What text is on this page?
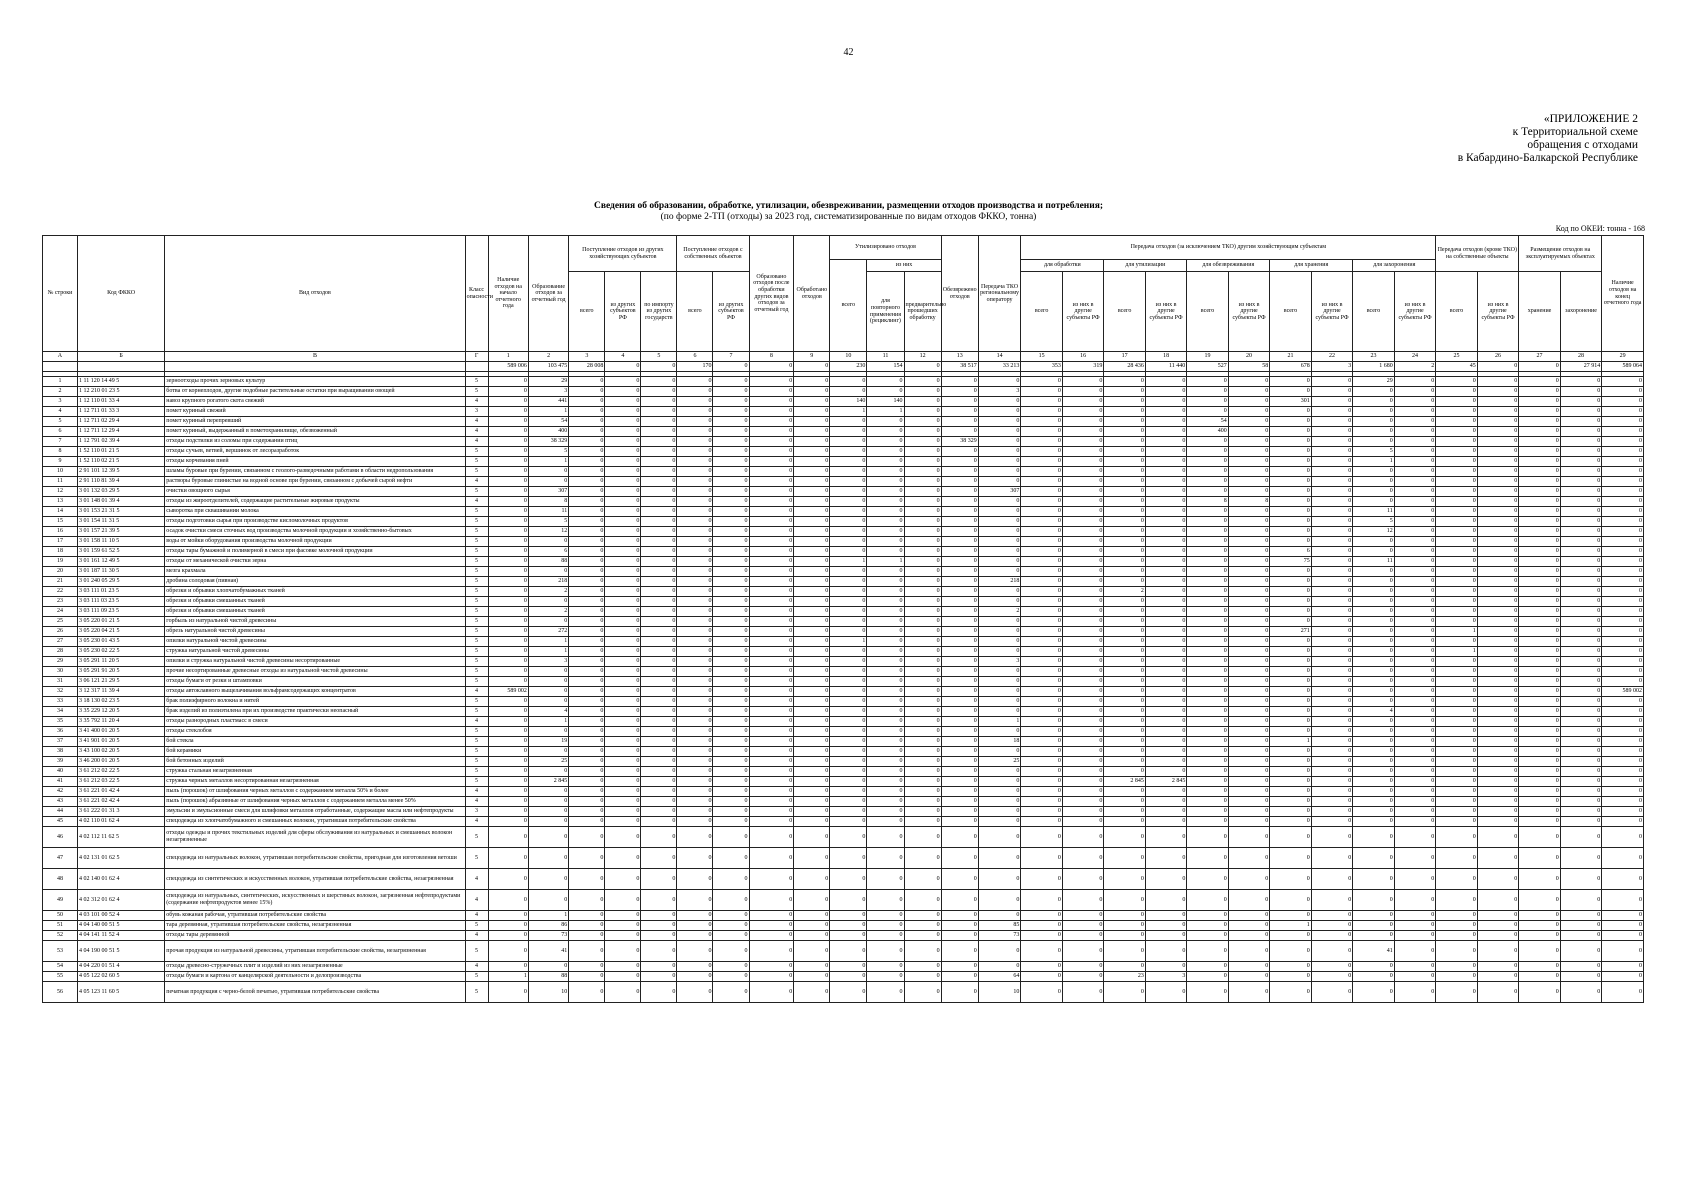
42
«ПРИЛОЖЕНИЕ 2
к Территориальной схеме
обращения с отходами
в Кабардино-Балкарской Республике
Сведения об образовании, обработке, утилизации, обезвреживании, размещении отходов производства и потребления;
(по форме 2-ТП (отходы) за 2023 год, систематизированные по видам отходов ФККО, тонна)
Код по ОКЕИ: тонна - 168
№ строки	Код ФККО	Вид отходов	Класс опасности	Наличие отходов на начало отчетного года	Образование отходов за отчетный год	Поступление отходов из других хозяйствующих субъектов			Поступление отходов с собственных объектов		Образовано отходов после обработки других видов отходов за отчетный год	Обработано отходов	Утилизировано отходов			Обезврежено отходов	Передача ТКО региональному оператору	Передача отходов (за исключением ТКО) другим хозяйствующим субъектам										Передача отходов (кроме ТКО) на собственные объекты		Размещение отходов на эксплуатируемых объектах		Наличие отходов на конец отчетного года
													всего	из них				для обработки		для утилизации		для обезвреживания		для хранения		для захоронения						
						всего	из других субъектов РФ	по импорту из других государств	всего	из других субъектов РФ				для повторного применения (рециклинг)	предварительно прошедших обработку			всего	из них в другие субъекты РФ	всего	из них в другие субъекты РФ	всего	из них в другие субъекты РФ	всего	из них в другие субъекты РФ	всего	из них в другие субъекты РФ	всего	из них в другие субъекты РФ	хранение	захоронение	
А	Б	В	Г	1	2	3	4	5	6	7	8	9	10	11	12	13	14	15	16	17	18	19	20	21	22	23	24	25	26	27	28	29
				589 006	103 475	28 008	0	0	170	0	0	0	230	154	0	38 517	33 213	353	319	28 436	11 440	527	58	678	3	1 680	2	45	0	0	27 914	589 064

1	1 11 120 14 49 5	зерноотходы прочих зерновых культур	5	0	29	0	0	0	0	0	0	0	0	0	0	0	0	0	0	0	0	0	0	0	0	29	0	0	0	0	0	0
2	1 12 210 01 23 5	ботва от корнеплодов, другие подобные растительные остатки при выращивании овощей	5	0	3	0	0	0	0	0	0	0	0	0	0	0	3	0	0	0	0	0	0	0	0	0	0	0	0	0	0	0
3	1 12 110 01 33 4	навоз крупного рогатого скота свежий	4	0	441	0	0	0	0	0	0	0	140	140	0	0	0	0	0	0	0	0	0	301	0	0	0	0	0	0	0	0
4	1 12 711 01 33 3	помет куриный свежий	3	0	1	0	0	0	0	0	0	0	1	1	0	0	0	0	0	0	0	0	0	0	0	0	0	0	0	0	0	0
5	1 12 711 02 29 4	помет куриный перепревший	4	0	54	0	0	0	0	0	0	0	0	0	0	0	0	0	0	0	0	54	0	0	0	0	0	0	0	0	0	0
6	1 12 711 12 29 4	помет куриный, выдержанный в пометохранилище, обезвоженный	4	0	400	0	0	0	0	0	0	0	0	0	0	0	0	0	0	0	0	400	0	0	0	0	0	0	0	0	0	0
7	1 12 791 02 39 4	отходы подстилки из соломы при содержании птиц	4	0	38 329	0	0	0	0	0	0	0	0	0	0	38 329	0	0	0	0	0	0	0	0	0	0	0	0	0	0	0	0
8	1 52 110 01 21 5	отходы сучьев, ветвей, вершинок от лесоразработок	5	0	5	0	0	0	0	0	0	0	0	0	0	0	0	0	0	0	0	0	0	0	0	5	0	0	0	0	0	0
9	1 52 110 02 21 5	отходы корчевания пней	5	0	1	0	0	0	0	0	0	0	0	0	0	0	0	0	0	0	0	0	0	0	0	1	0	0	0	0	0	0
10	2 91 101 12 39 5	шламы буровые при бурении, связанном с геолого-разведочными работами в области недропользования	5	0	0	0	0	0	0	0	0	0	0	0	0	0	0	0	0	0	0	0	0	0	0	0	0	0	0	0	0	0
11	2 91 110 81 39 4	растворы буровые глинистые на водной основе при бурении, связанном с добычей сырой нефти	4	0	0	0	0	0	0	0	0	0	0	0	0	0	0	0	0	0	0	0	0	0	0	0	0	0	0	0	0	0
12	3 01 132 03 29 5	очистки овощного сырья	5	0	307	0	0	0	0	0	0	0	0	0	0	0	307	0	0	0	0	0	0	0	0	0	0	0	0	0	0	0
13	3 01 148 01 39 4	отходы из жироотделителей, содержащие растительные жировые продукты	4	0	8	0	0	0	0	0	0	0	0	0	0	0	0	0	0	0	0	8	8	0	0	0	0	0	0	0	0	0
14	3 01 153 21 31 5	сыворотка при сквашивании молока	5	0	11	0	0	0	0	0	0	0	0	0	0	0	0	0	0	0	0	0	0	0	0	11	0	0	0	0	0	0
15	3 01 154 11 31 5	отходы подготовки сырья при производстве кисломолочных продуктов	5	0	5	0	0	0	0	0	0	0	0	0	0	0	0	0	0	0	0	0	0	0	0	5	0	0	0	0	0	0
16	3 01 157 21 39 5	осадок очистки смеси сточных вод производства молочной продукции и хозяйственно-бытовых	5	0	12	0	0	0	0	0	0	0	0	0	0	0	0	0	0	0	0	0	0	0	0	12	0	0	0	0	0	0
17	3 01 158 11 10 5	воды от мойки оборудования производства молочной продукции	5	0	0	0	0	0	0	0	0	0	0	0	0	0	0	0	0	0	0	0	0	0	0	0	0	0	0	0	0	0
18	3 01 159 61 52 5	отходы тары бумажной и полимерной в смеси при фасовке молочной продукции	5	0	6	0	0	0	0	0	0	0	0	0	0	0	0	0	0	0	0	0	0	6	0	0	0	0	0	0	0	0
19	3 01 161 12 49 5	отходы от механической очистки зерна	5	0	88	0	0	0	0	0	0	0	1	1	0	0	0	0	0	0	0	0	0	75	0	11	0	0	0	0	0	0
20	3 01 187 11 30 5	мезга крахмала	5	0	0	0	0	0	0	0	0	0	0	0	0	0	0	0	0	0	0	0	0	0	0	0	0	0	0	0	0	0
21	3 01 240 05 29 5	дробина солодовая (пивная)	5	0	218	0	0	0	0	0	0	0	0	0	0	0	218	0	0	0	0	0	0	0	0	0	0	0	0	0	0	0
22	3 03 111 01 23 5	обрезки и обрывки хлопчатобумажных тканей	5	0	2	0	0	0	0	0	0	0	0	0	0	0	0	0	0	2	0	0	0	0	0	0	0	0	0	0	0	0
23	3 03 111 03 23 5	обрезки и обрывки смешанных тканей	5	0	0	0	0	0	0	0	0	0	0	0	0	0	0	0	0	0	0	0	0	0	0	0	0	0	0	0	0	0
24	3 03 111 09 23 5	обрезки и обрывки смешанных тканей	5	0	2	0	0	0	0	0	0	0	0	0	0	0	2	0	0	0	0	0	0	0	0	0	0	0	0	0	0	0
25	3 05 220 01 21 5	горбыль из натуральной чистой древесины	5	0	0	0	0	0	0	0	0	0	0	0	0	0	0	0	0	0	0	0	0	0	0	0	0	0	0	0	0	0
26	3 05 220 04 21 5	обрезь натуральной чистой древесины	5	0	272	0	0	0	0	0	0	0	0	0	0	0	0	0	0	0	0	0	0	271	0	0	0	1	0	0	0	0
27	3 05 230 01 43 5	опилки натуральной чистой древесины	5	0	1	0	0	0	0	0	0	0	1	0	0	0	0	0	0	0	0	0	0	0	0	0	0	0	0	0	0	0
28	3 05 230 02 22 5	стружка натуральной чистой древесины	5	0	1	0	0	0	0	0	0	0	0	0	0	0	0	0	0	0	0	0	0	0	0	0	0	1	0	0	0	0
29	3 05 291 11 20 5	опилки и стружка натуральной чистой древесины несортированные	5	0	3	0	0	0	0	0	0	0	0	0	0	0	3	0	0	0	0	0	0	0	0	0	0	0	0	0	0	0
30	3 05 291 91 20 5	прочие несортированные древесные отходы из натуральной чистой древесины	5	0	0	0	0	0	0	0	0	0	0	0	0	0	0	0	0	0	0	0	0	0	0	0	0	0	0	0	0	0
31	3 06 121 21 29 5	отходы бумаги от резки и штамповки	5	0	0	0	0	0	0	0	0	0	0	0	0	0	0	0	0	0	0	0	0	0	0	0	0	0	0	0	0	0
32	3 12 317 11 39 4	отходы автоклавного выщелачивания вольфрамсодержащих концентратов	4	589 002	0	0	0	0	0	0	0	0	0	0	0	0	0	0	0	0	0	0	0	0	0	0	0	0	0	0	0	589 002
33	3 18 130 02 23 5	брак полиэфирного волокна и нитей	5	0	0	0	0	0	0	0	0	0	0	0	0	0	0	0	0	0	0	0	0	0	0	0	0	0	0	0	0	0
34	3 35 229 12 20 5	брак изделий из полиэтилена при их производстве практически неопасный	5	0	4	0	0	0	0	0	0	0	0	0	0	0	0	0	0	0	0	0	0	0	0	4	0	0	0	0	0	0
35	3 35 792 11 20 4	отходы разнородных пластмасс в смеси	4	0	1	0	0	0	0	0	0	0	0	0	0	0	1	0	0	0	0	0	0	0	0	0	0	0	0	0	0	0
36	3 41 400 01 20 5	отходы стеклобоя	5	0	0	0	0	0	0	0	0	0	0	0	0	0	0	0	0	0	0	0	0	0	0	0	0	0	0	0	0	0
37	3 41 901 01 20 5	бой стекла	5	0	19	0	0	0	0	0	0	0	0	0	0	0	18	0	0	0	0	0	0	1	0	0	0	0	0	0	0	0
38	3 43 100 02 20 5	бой керамики	5	0	0	0	0	0	0	0	0	0	0	0	0	0	0	0	0	0	0	0	0	0	0	0	0	0	0	0	0	0
39	3 46 200 01 20 5	бой бетонных изделий	5	0	25	0	0	0	0	0	0	0	0	0	0	0	25	0	0	0	0	0	0	0	0	0	0	0	0	0	0	0
40	3 61 212 02 22 5	стружка стальная незагрязненная	5	0	0	0	0	0	0	0	0	0	0	0	0	0	0	0	0	0	0	0	0	0	0	0	0	0	0	0	0	0
41	3 61 212 03 22 5	стружка черных металлов несортированная незагрязненная	5	0	2 845	0	0	0	0	0	0	0	0	0	0	0	0	0	0	2 845	2 845	0	0	0	0	0	0	0	0	0	0	0
42	3 61 221 01 42 4	пыль (порошок) от шлифования черных металлов с содержанием металла 50% и более	4	0	0	0	0	0	0	0	0	0	0	0	0	0	0	0	0	0	0	0	0	0	0	0	0	0	0	0	0	0
43	3 61 221 02 42 4	пыль (порошок) абразивные от шлифования черных металлов с содержанием металла менее 50%	4	0	0	0	0	0	0	0	0	0	0	0	0	0	0	0	0	0	0	0	0	0	0	0	0	0	0	0	0	0
44	3 61 222 01 31 3	эмульсии и эмульсионные смеси для шлифовки металлов отработанные, содержащие масла или нефтепродукты	3	0	0	0	0	0	0	0	0	0	0	0	0	0	0	0	0	0	0	0	0	0	0	0	0	0	0	0	0	0
45	4 02 110 01 62 4	спецодежда из хлопчатобумажного и смешанных волокон, утратившая потребительские свойства	4	0	0	0	0	0	0	0	0	0	0	0	0	0	0	0	0	0	0	0	0	0	0	0	0	0	0	0	0	0
46	4 02 112 11 62 5	отходы одежды и прочих текстильных изделий для сферы обслуживания из натуральных и смешанных волокон незагрязненные	5	0	0	0	0	0	0	0	0	0	0	0	0	0	0	0	0	0	0	0	0	0	0	0	0	0	0	0	0	0
47	4 02 131 01 62 5	спецодежда из натуральных волокон, утратившая потребительские свойства, пригодная для изготовления ветоши	5	0	0	0	0	0	0	0	0	0	0	0	0	0	0	0	0	0	0	0	0	0	0	0	0	0	0	0	0	0
48	4 02 140 01 62 4	спецодежда из синтетических и искусственных волокон, утратившая потребительские свойства, незагрязненная	4	0	0	0	0	0	0	0	0	0	0	0	0	0	0	0	0	0	0	0	0	0	0	0	0	0	0	0	0	0
49	4 02 312 01 62 4	спецодежда из натуральных, синтетических, искусственных и шерстяных волокон, загрязненная нефтепродуктами (содержание нефтепродуктов менее 15%)	4	0	0	0	0	0	0	0	0	0	0	0	0	0	0	0	0	0	0	0	0	0	0	0	0	0	0	0	0	0
50	4 03 101 00 52 4	обувь кожаная рабочая, утратившая потребительские свойства	4	0	1	0	0	0	0	0	0	0	0	0	0	0	0	0	0	0	0	0	0	0	0	0	0	0	0	0	0	0
51	4 04 140 00 51 5	тара деревянная, утратившая потребительские свойства, незагрязненная	5	0	86	0	0	0	0	0	0	0	0	0	0	0	85	0	0	0	0	0	0	1	0	0	0	0	0	0	0	0
52	4 04 141 11 52 4	отходы тары деревянной	4	0	73	0	0	0	0	0	0	0	0	0	0	0	73	0	0	0	0	0	0	0	0	0	0	0	0	0	0	0
53	4 04 190 00 51 5	прочая продукция из натуральной древесины, утратившая потребительские свойства, незагрязненная	5	0	41	0	0	0	0	0	0	0	0	0	0	0	0	0	0	0	0	0	0	0	0	41	0	0	0	0	0	0
54	4 04 220 01 51 4	отходы древесно-стружечных плит и изделий из них незагрязненные	4	0	0	0	0	0	0	0	0	0	0	0	0	0	0	0	0	0	0	0	0	0	0	0	0	0	0	0	0	0
55	4 05 122 02 60 5	отходы бумаги и картона от канцелярской деятельности и делопроизводства	5	1	88	0	0	0	0	0	0	0	0	0	0	0	64	0	0	23	3	0	0	0	0	0	0	0	0	0	0	0
56	4 05 123 11 60 5	печатная продукция с черно-белой печатью, утратившая потребительские свойства	5	0	10	0	0	0	0	0	0	0	0	0	0	0	10	0	0	0	0	0	0	0	0	0	0	0	0	0	0	0
